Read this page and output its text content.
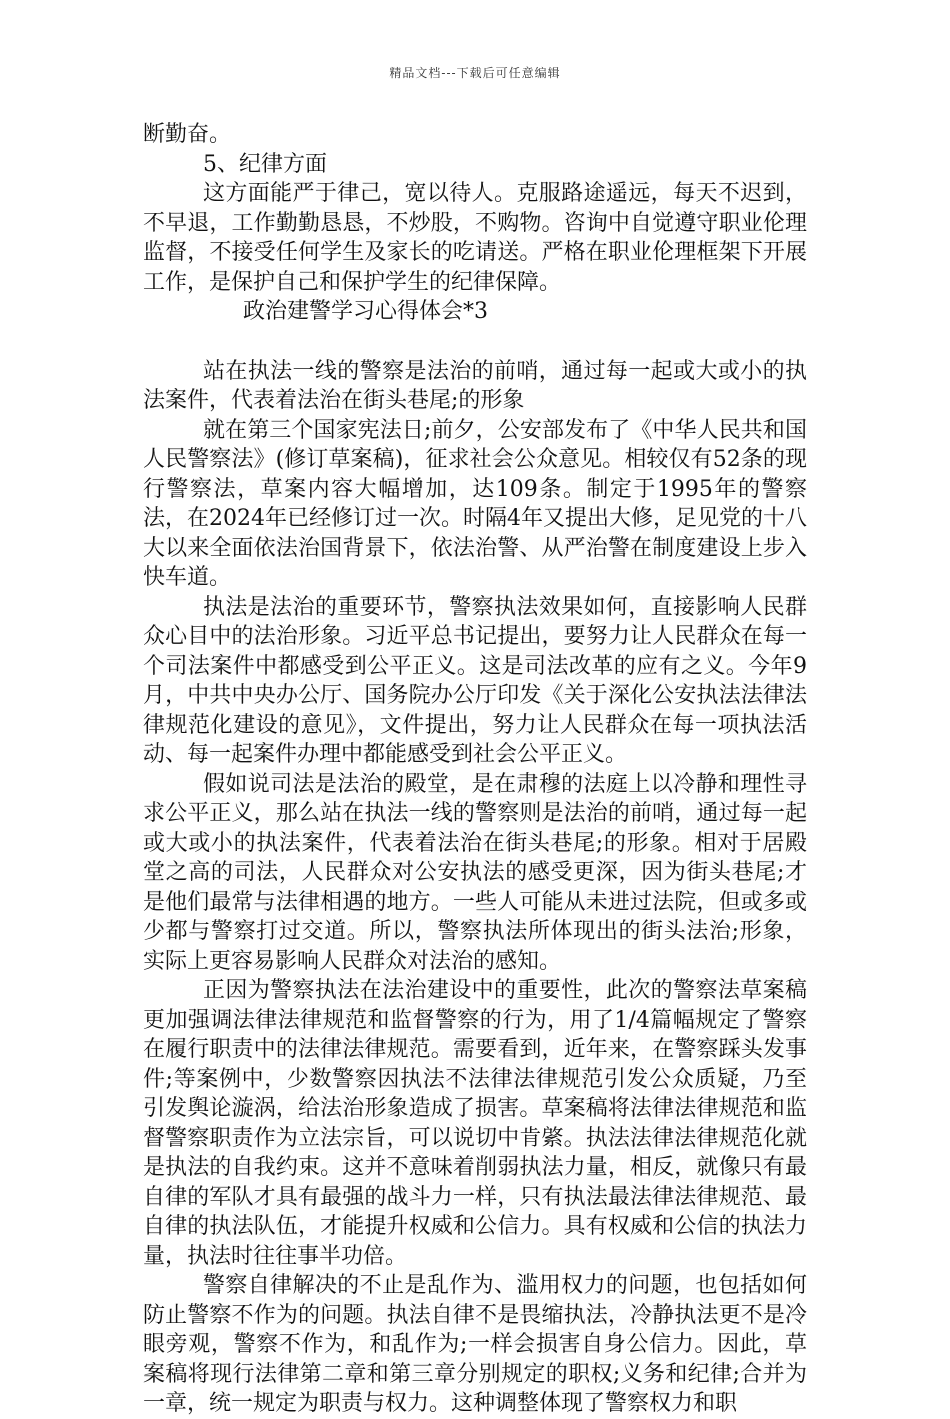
精品文档---下载后可任意编辑

断勤奋。

5、纪律方面

这方面能严于律己，宽以待人。克服路途遥远，每天不迟到，不早退，工作勤勤恳恳，不炒股，不购物。咨询中自觉遵守职业伦理监督，不接受任何学生及家长的吃请送。严格在职业伦理框架下开展工作，是保护自己和保护学生的纪律保障。

政治建警学习心得体会*3

站在执法一线的警察是法治的前哨，通过每一起或大或小的执法案件，代表着法治在街头巷尾;的形象

就在第三个国家宪法日;前夕，公安部发布了《中华人民共和国人民警察法》(修订草案稿)，征求社会公众意见。相较仅有52条的现行警察法，草案内容大幅增加，达109条。制定于1995年的警察法，在2024年已经修订过一次。时隔4年又提出大修，足见党的十八大以来全面依法治国背景下，依法治警、从严治警在制度建设上步入快车道。

执法是法治的重要环节，警察执法效果如何，直接影响人民群众心目中的法治形象。习近平总书记提出，要努力让人民群众在每一个司法案件中都感受到公平正义。这是司法改革的应有之义。今年9月，中共中央办公厅、国务院办公厅印发《关于深化公安执法法律法律规范化建设的意见》，文件提出，努力让人民群众在每一项执法活动、每一起案件办理中都能感受到社会公平正义。

假如说司法是法治的殿堂，是在肃穆的法庭上以冷静和理性寻求公平正义，那么站在执法一线的警察则是法治的前哨，通过每一起或大或小的执法案件，代表着法治在街头巷尾;的形象。相对于居殿堂之高的司法，人民群众对公安执法的感受更深，因为街头巷尾;才是他们最常与法律相遇的地方。一些人可能从未进过法院，但或多或少都与警察打过交道。所以，警察执法所体现出的街头法治;形象，实际上更容易影响人民群众对法治的感知。

正因为警察执法在法治建设中的重要性，此次的警察法草案稿更加强调法律法律规范和监督警察的行为，用了1/4篇幅规定了警察在履行职责中的法律法律规范。需要看到，近年来，在警察踩头发事件;等案例中，少数警察因执法不法律法律规范引发公众质疑，乃至引发舆论漩涡，给法治形象造成了损害。草案稿将法律法律规范和监督警察职责作为立法宗旨，可以说切中肯綮。执法法律法律规范化就是执法的自我约束。这并不意味着削弱执法力量，相反，就像只有最自律的军队才具有最强的战斗力一样，只有执法最法律法律规范、最自律的执法队伍，才能提升权威和公信力。具有权威和公信的执法力量，执法时往往事半功倍。

警察自律解决的不止是乱作为、滥用权力的问题，也包括如何防止警察不作为的问题。执法自律不是畏缩执法，冷静执法更不是冷眼旁观，警察不作为，和乱作为;一样会损害自身公信力。因此，草案稿将现行法律第二章和第三章分别规定的职权;义务和纪律;合并为一章，统一规定为职责与权力。这种调整体现了警察权力和职
